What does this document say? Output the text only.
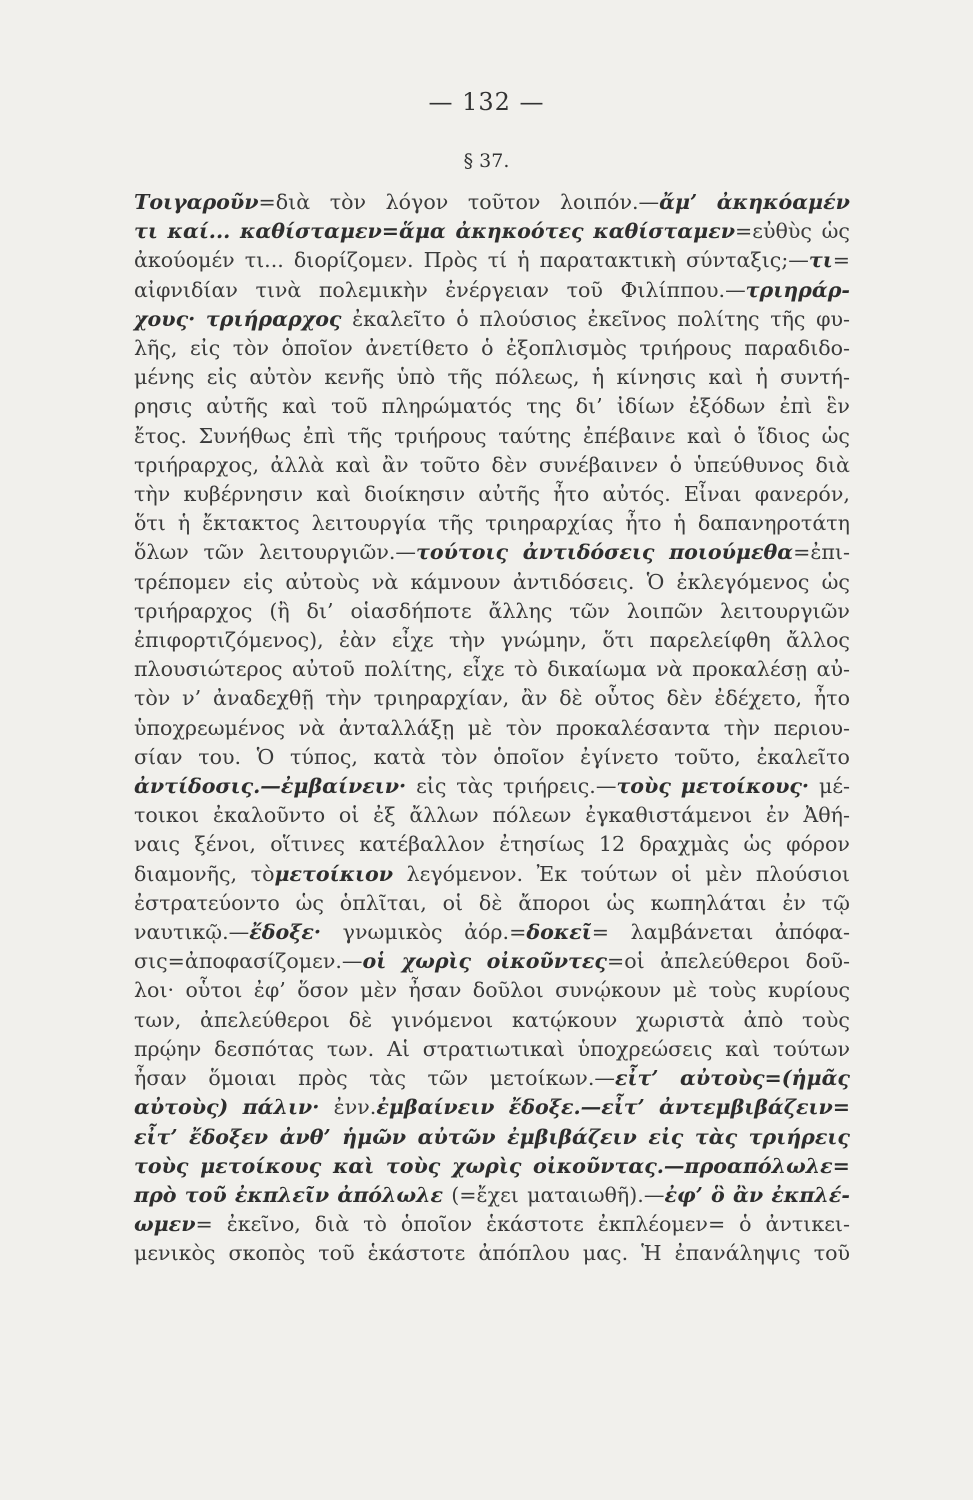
— 132 —
§ 37.
Τοιγαροῦν=διὰ τὸν λόγον τοῦτον λοιπόν.—ἄμ’ ἀκηκόαμέν
τι καί... καθίσταμεν=ἅμα ἀκηκοότες καθίσταμεν=εὐθὺς ὡς
ἀκούομέν τι... διορίζομεν. Πρὸς τί ἡ παρατακτικὴ σύνταξις;—τι=
αἰφνιδίαν τινὰ πολεμικὴν ἐνέργειαν τοῦ Φιλίππου.—τριηράρ-
χους· τριήραρχος ἐκαλεῖτο ὁ πλούσιος ἐκεῖνος πολίτης τῆς φυ-
λῆς, εἰς τὸν ὁποῖον ἀνετίθετο ὁ ἐξοπλισμὸς τριήρους παραδιδο-
μένης εἰς αὐτὸν κενῆς ὑπὸ τῆς πόλεως, ἡ κίνησις καὶ ἡ συντή-
ρησις αὐτῆς καὶ τοῦ πληρώματός της δι’ ἰδίων ἐξόδων ἐπὶ ἓν
ἔτος. Συνήθως ἐπὶ τῆς τριήρους ταύτης ἐπέβαινε καὶ ὁ ἴδιος ὡς
τριήραρχος, ἀλλὰ καὶ ἂν τοῦτο δὲν συνέβαινεν ὁ ὑπεύθυνος διὰ
τὴν κυβέρνησιν καὶ διοίκησιν αὐτῆς ἦτο αὐτός. Εἶναι φανερόν,
ὅτι ἡ ἔκτακτος λειτουργία τῆς τριηραρχίας ἦτο ἡ δαπανηροτάτη
ὅλων τῶν λειτουργιῶν.—τούτοις ἀντιδόσεις ποιούμεθα=ἐπι-
τρέπομεν εἰς αὐτοὺς νὰ κάμνουν ἀντιδόσεις. Ὁ ἐκλεγόμενος ὡς
τριήραρχος (ἢ δι’ οἱασδήποτε ἄλλης τῶν λοιπῶν λειτουργιῶν
ἐπιφορτιζόμενος), ἐὰν εἶχε τὴν γνώμην, ὅτι παρελείφθη ἄλλος
πλουσιώτερος αὐτοῦ πολίτης, εἶχε τὸ δικαίωμα νὰ προκαλέσῃ αὐ-
τὸν ν’ ἀναδεχθῇ τὴν τριηραρχίαν, ἂν δὲ οὗτος δὲν ἐδέχετο, ἦτο
ὑποχρεωμένος νὰ ἀνταλλάξῃ μὲ τὸν προκαλέσαντα τὴν περιου-
σίαν του. Ὁ τύπος, κατὰ τὸν ὁποῖον ἐγίνετο τοῦτο, ἐκαλεῖτο
ἀντίδοσις.—ἐμβαίνειν· εἰς τὰς τριήρεις.—τοὺς μετοίκους· μέ-
τοικοι ἐκαλοῦντο οἱ ἐξ ἄλλων πόλεων ἐγκαθιστάμενοι ἐν Ἀθή-
ναις ξένοι, οἵτινες κατέβαλλον ἐτησίως 12 δραχμὰς ὡς φόρον
διαμονῆς, τὸμετοίκιον λεγόμενον. Ἐκ τούτων οἱ μὲν πλούσιοι
ἐστρατεύοντο ὡς ὁπλῖται, οἱ δὲ ἄποροι ὡς κωπηλάται ἐν τῷ
ναυτικῷ.—ἔδοξε· γνωμικὸς ἀόρ.=δοκεῖ= λαμβάνεται ἀπόφα-
σις=ἀποφασίζομεν.—οἱ χωρὶς οἰκοῦντες=οἱ ἀπελεύθεροι δοῦ-
λοι· οὗτοι ἐφ’ ὅσον μὲν ἦσαν δοῦλοι συνῴκουν μὲ τοὺς κυρίους
των, ἀπελεύθεροι δὲ γινόμενοι κατῴκουν χωριστὰ ἀπὸ τοὺς
πρῴην δεσπότας των. Αἱ στρατιωτικαὶ ὑποχρεώσεις καὶ τούτων
ἦσαν ὅμοιαι πρὸς τὰς τῶν μετοίκων.—εἶτ’ αὐτοὺς=(ἡμᾶς
αὐτοὺς) πάλιν· ἐνν.ἐμβαίνειν ἔδοξε.—εἶτ’ ἀντεμβιβάζειν=
εἶτ’ ἔδοξεν ἀνθ’ ἡμῶν αὐτῶν ἐμβιβάζειν εἰς τὰς τριήρεις
τοὺς μετοίκους καὶ τοὺς χωρὶς οἰκοῦντας.—προαπόλωλε=
πρὸ τοῦ ἐκπλεῖν ἀπόλωλε (=ἔχει ματαιωθῆ).—ἐφ’ ὃ ἂν ἐκπλέ-
ωμεν= ἐκεῖνο, διὰ τὸ ὁποῖον ἑκάστοτε ἐκπλέομεν= ὁ ἀντικει-
μενικὸς σκοπὸς τοῦ ἑκάστοτε ἀπόπλου μας. Ἡ ἐπανάληψις τοῦ
